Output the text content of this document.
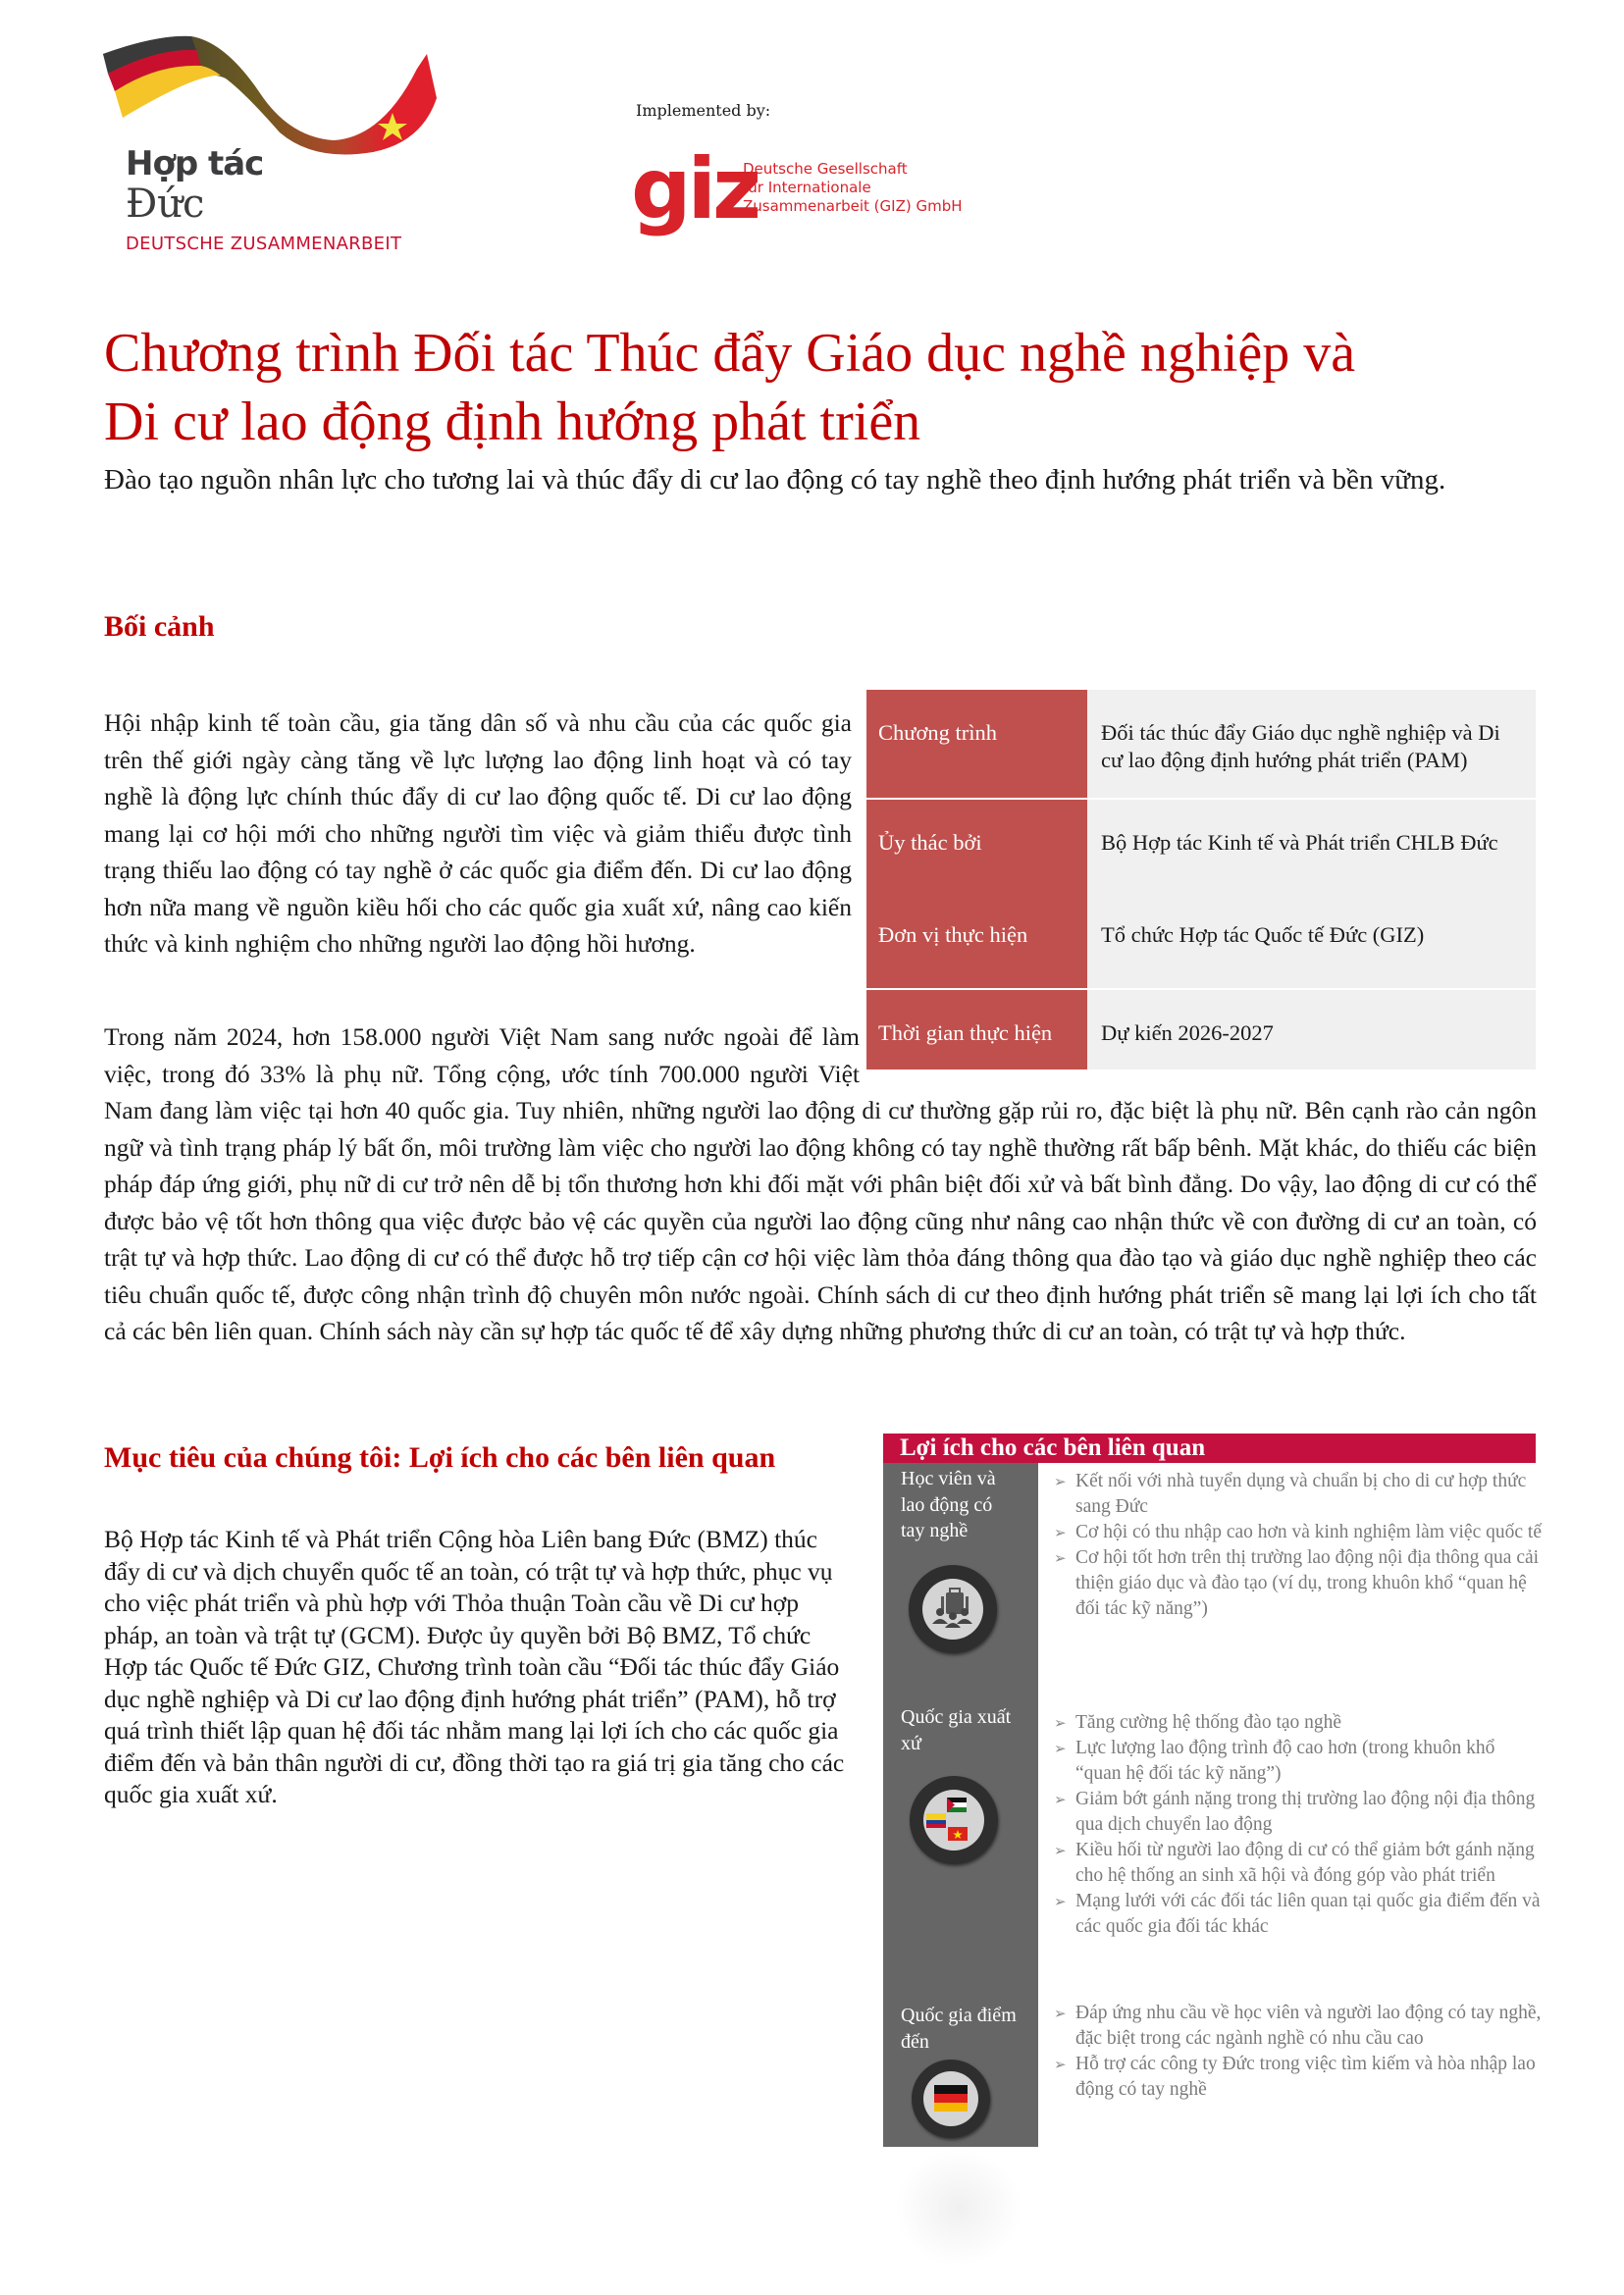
Hợp tác
Đức
DEUTSCHE ZUSAMMENARBEIT
Implemented by:
giz
Deutsche Gesellschaft
für Internationale
Zusammenarbeit (GIZ) GmbH
Chương trình Đối tác Thúc đẩy Giáo dục nghề nghiệp và
Di cư lao động định hướng phát triển
Đào tạo nguồn nhân lực cho tương lai và thúc đẩy di cư lao động có tay nghề theo định hướng phát triển và bền vững.
Bối cảnh
Hội nhập kinh tế toàn cầu, gia tăng dân số và nhu cầu của các quốc gia trên thế giới ngày càng tăng về lực lượng lao động linh hoạt và có tay nghề là động lực chính thúc đẩy di cư lao động quốc tế. Di cư lao động mang lại cơ hội mới cho những người tìm việc và giảm thiểu được tình trạng thiếu lao động có tay nghề ở các quốc gia điểm đến. Di cư lao động hơn nữa mang về nguồn kiều hối cho các quốc gia xuất xứ, nâng cao kiến thức và kinh nghiệm cho những người lao động hồi hương.
Chương trình	Đối tác thúc đẩy Giáo dục nghề nghiệp và Di cư lao động định hướng phát triển (PAM)
Ủy thác bởi	Bộ Hợp tác Kinh tế và Phát triển CHLB Đức
Đơn vị thực hiện	Tổ chức Hợp tác Quốc tế Đức (GIZ)
Thời gian thực hiện	Dự kiến 2026-2027
Trong năm 2024, hơn 158.000 người Việt Nam sang nước ngoài để làm việc, trong đó 33% là phụ nữ. Tổng cộng, ước tính 700.000 người Việt Nam đang làm việc tại hơn 40 quốc gia. Tuy nhiên, những người lao động di cư thường gặp rủi ro, đặc biệt là phụ nữ. Bên cạnh rào cản ngôn ngữ và tình trạng pháp lý bất ổn, môi trường làm việc cho người lao động không có tay nghề thường rất bấp bênh. Mặt khác, do thiếu các biện pháp đáp ứng giới, phụ nữ di cư trở nên dễ bị tổn thương hơn khi đối mặt với phân biệt đối xử và bất bình đẳng. Do vậy, lao động di cư có thể được bảo vệ tốt hơn thông qua việc được bảo vệ các quyền của người lao động cũng như nâng cao nhận thức về con đường di cư an toàn, có trật tự và hợp thức. Lao động di cư có thể được hỗ trợ tiếp cận cơ hội việc làm thỏa đáng thông qua đào tạo và giáo dục nghề nghiệp theo các tiêu chuẩn quốc tế, được công nhận trình độ chuyên môn nước ngoài. Chính sách di cư theo định hướng phát triển sẽ mang lại lợi ích cho tất cả các bên liên quan. Chính sách này cần sự hợp tác quốc tế để xây dựng những phương thức di cư an toàn, có trật tự và hợp thức.
Mục tiêu của chúng tôi: Lợi ích cho các bên liên quan
Bộ Hợp tác Kinh tế và Phát triển Cộng hòa Liên bang Đức (BMZ) thúc đẩy di cư và dịch chuyển quốc tế an toàn, có trật tự và hợp thức, phục vụ cho việc phát triển và phù hợp với Thỏa thuận Toàn cầu về Di cư hợp pháp, an toàn và trật tự (GCM). Được ủy quyền bởi Bộ BMZ, Tổ chức Hợp tác Quốc tế Đức GIZ, Chương trình toàn cầu “Đối tác thúc đẩy Giáo dục nghề nghiệp và Di cư lao động định hướng phát triển” (PAM), hỗ trợ quá trình thiết lập quan hệ đối tác nhằm mang lại lợi ích cho các quốc gia điểm đến và bản thân người di cư, đồng thời tạo ra giá trị gia tăng cho các quốc gia xuất xứ.
Lợi ích cho các bên liên quan
Học viên và lao động có tay nghề
➢ Kết nối với nhà tuyển dụng và chuẩn bị cho di cư hợp thức sang Đức
➢ Cơ hội có thu nhập cao hơn và kinh nghiệm làm việc quốc tế
➢ Cơ hội tốt hơn trên thị trường lao động nội địa thông qua cải thiện giáo dục và đào tạo (ví dụ, trong khuôn khổ “quan hệ đối tác kỹ năng”)
Quốc gia xuất xứ
➢ Tăng cường hệ thống đào tạo nghề
➢ Lực lượng lao động trình độ cao hơn (trong khuôn khổ “quan hệ đối tác kỹ năng”)
➢ Giảm bớt gánh nặng trong thị trường lao động nội địa thông qua dịch chuyển lao động
➢ Kiều hối từ người lao động di cư có thể giảm bớt gánh nặng cho hệ thống an sinh xã hội và đóng góp vào phát triển
➢ Mạng lưới với các đối tác liên quan tại quốc gia điểm đến và các quốc gia đối tác khác
Quốc gia điểm đến
➢ Đáp ứng nhu cầu về học viên và người lao động có tay nghề, đặc biệt trong các ngành nghề có nhu cầu cao
➢ Hỗ trợ các công ty Đức trong việc tìm kiếm và hòa nhập lao động có tay nghề
